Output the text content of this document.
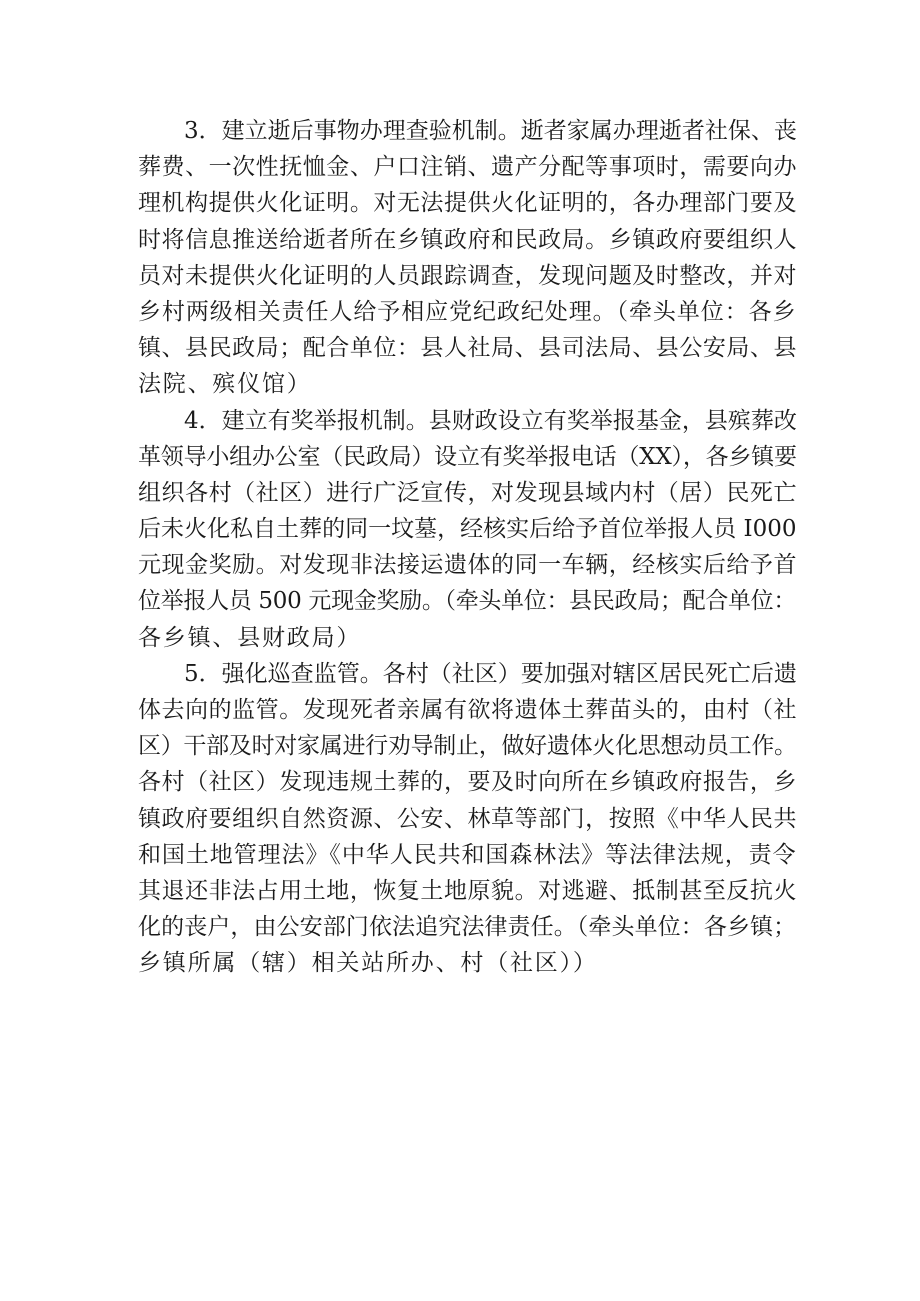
3．建立逝后事物办理查验机制。逝者家属办理逝者社保、丧
葬费、一次性抚恤金、户口注销、遗产分配等事项时，需要向办
理机构提供火化证明。对无法提供火化证明的，各办理部门要及
时将信息推送给逝者所在乡镇政府和民政局。乡镇政府要组织人
员对未提供火化证明的人员跟踪调查，发现问题及时整改，并对
乡村两级相关责任人给予相应党纪政纪处理。（牵头单位：各乡
镇、县民政局；配合单位：县人社局、县司法局、县公安局、县
法院、殡仪馆）
4．建立有奖举报机制。县财政设立有奖举报基金，县殡葬改
革领导小组办公室（民政局）设立有奖举报电话（XX），各乡镇要
组织各村（社区）进行广泛宣传，对发现县域内村（居）民死亡
后未火化私自土葬的同一坟墓，经核实后给予首位举报人员 I000
元现金奖励。对发现非法接运遗体的同一车辆，经核实后给予首
位举报人员 500 元现金奖励。（牵头单位：县民政局；配合单位：
各乡镇、县财政局）
5．强化巡查监管。各村（社区）要加强对辖区居民死亡后遗
体去向的监管。发现死者亲属有欲将遗体土葬苗头的，由村（社
区）干部及时对家属进行劝导制止，做好遗体火化思想动员工作。
各村（社区）发现违规土葬的，要及时向所在乡镇政府报告，乡
镇政府要组织自然资源、公安、林草等部门，按照《中华人民共
和国土地管理法》《中华人民共和国森林法》等法律法规，责令
其退还非法占用土地，恢复土地原貌。对逃避、抵制甚至反抗火
化的丧户，由公安部门依法追究法律责任。（牵头单位：各乡镇；
乡镇所属（辖）相关站所办、村（社区））
